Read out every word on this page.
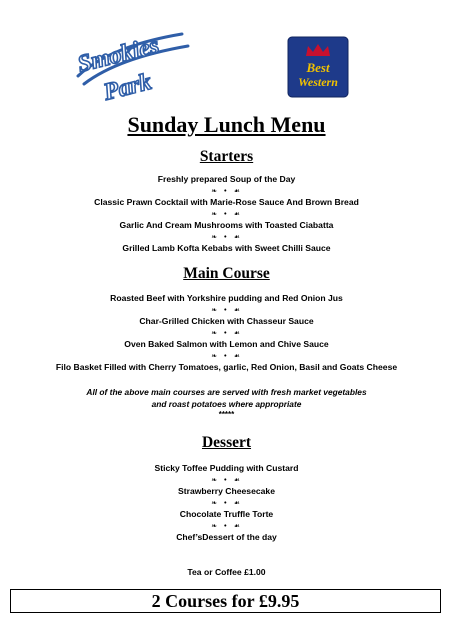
Smokies
Park
Best
Western
Sunday Lunch Menu
Starters
Freshly prepared Soup of the Day
❧ • ☙
Classic Prawn Cocktail with Marie-Rose Sauce And Brown Bread
❧ • ☙
Garlic And Cream Mushrooms with Toasted Ciabatta
❧ • ☙
Grilled Lamb Kofta Kebabs with Sweet Chilli Sauce
Main Course
Roasted Beef with Yorkshire pudding and Red Onion Jus
❧ • ☙
Char-Grilled Chicken with Chasseur Sauce
❧ • ☙
Oven Baked Salmon with Lemon and Chive Sauce
❧ • ☙
Filo Basket Filled with Cherry Tomatoes, garlic, Red Onion, Basil and Goats Cheese
All of the above main courses are served with fresh market vegetables
and roast potatoes where appropriate
*****
Dessert
Sticky Toffee Pudding with Custard
❧ • ☙
Strawberry Cheesecake
❧ • ☙
Chocolate Truffle Torte
❧ • ☙
Chef’sDessert of the day
Tea or Coffee £1.00
2 Courses for £9.95
